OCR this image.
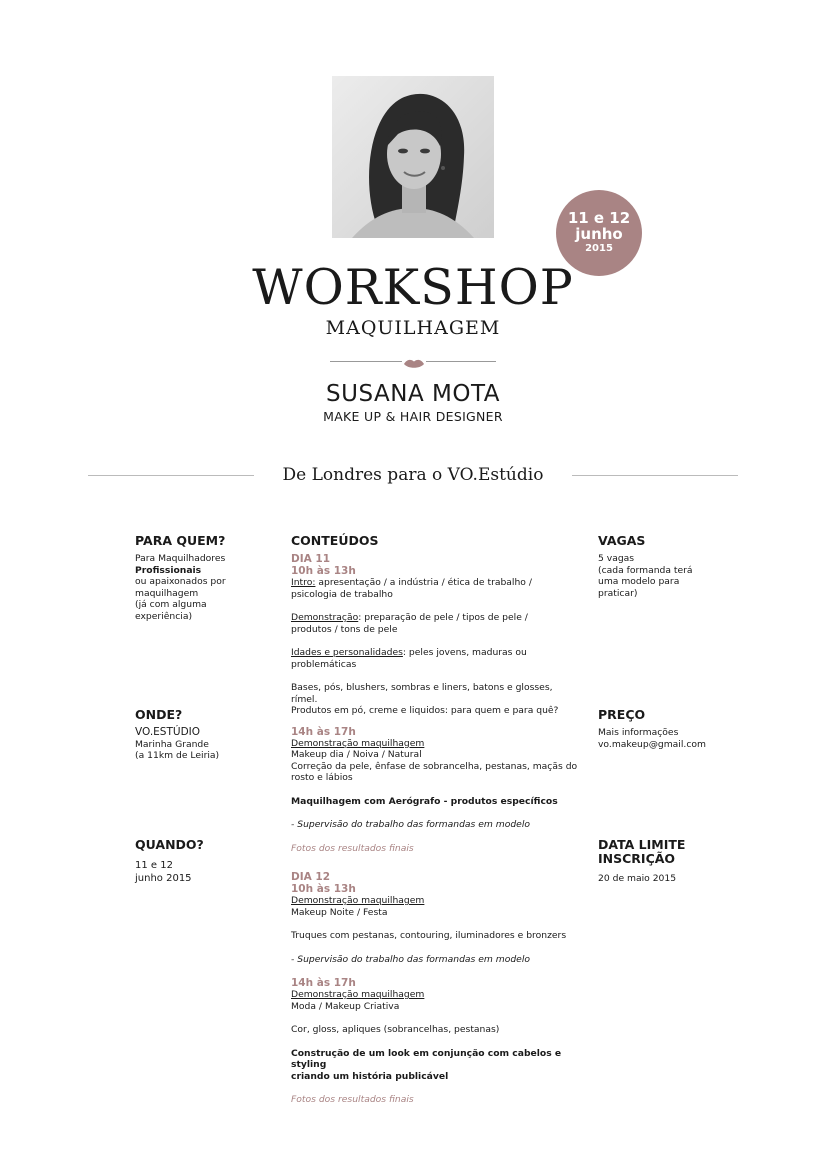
11 e 12
junho
2015
WORKSHOP
MAQUILHAGEM
SUSANA MOTA
MAKE UP & HAIR DESIGNER
De Londres para o VO.Estúdio
PARA QUEM?
Para Maquilhadores
Profissionais
ou apaixonados por
maquilhagem
(já com alguma
experiência)
ONDE?
VO.ESTÚDIO
Marinha Grande
(a 11km de Leiria)
QUANDO?
11 e 12
junho 2015
CONTEÚDOS
DIA 11
10h às 13h
Intro: apresentação / a indústria / ética de trabalho /
psicologia de trabalho
Demonstração: preparação de pele / tipos de pele /
produtos / tons de pele
Idades e personalidades: peles jovens, maduras ou
problemáticas
Bases, pós, blushers, sombras e liners, batons e glosses, rímel.
Produtos em pó, creme e liquidos: para quem e para quê?
14h às 17h
Demonstração maquilhagem
Makeup dia / Noiva / Natural
Correção da pele, ênfase de sobrancelha, pestanas, maçãs do
rosto e lábios
Maquilhagem com Aerógrafo - produtos específicos
- Supervisão do trabalho das formandas em modelo
Fotos dos resultados finais
DIA 12
10h às 13h
Demonstração maquilhagem
Makeup Noite / Festa
Truques com pestanas, contouring, iluminadores e bronzers
- Supervisão do trabalho das formandas em modelo
14h às 17h
Demonstração maquilhagem
Moda / Makeup Criativa
Cor, gloss, apliques (sobrancelhas, pestanas)
Construção de um look em conjunção com cabelos e styling
criando um história publicável
Fotos dos resultados finais
VAGAS
5 vagas
(cada formanda terá
uma modelo para
praticar)
PREÇO
Mais informações
vo.makeup@gmail.com
DATA LIMITE
INSCRIÇÃO
20 de maio 2015
